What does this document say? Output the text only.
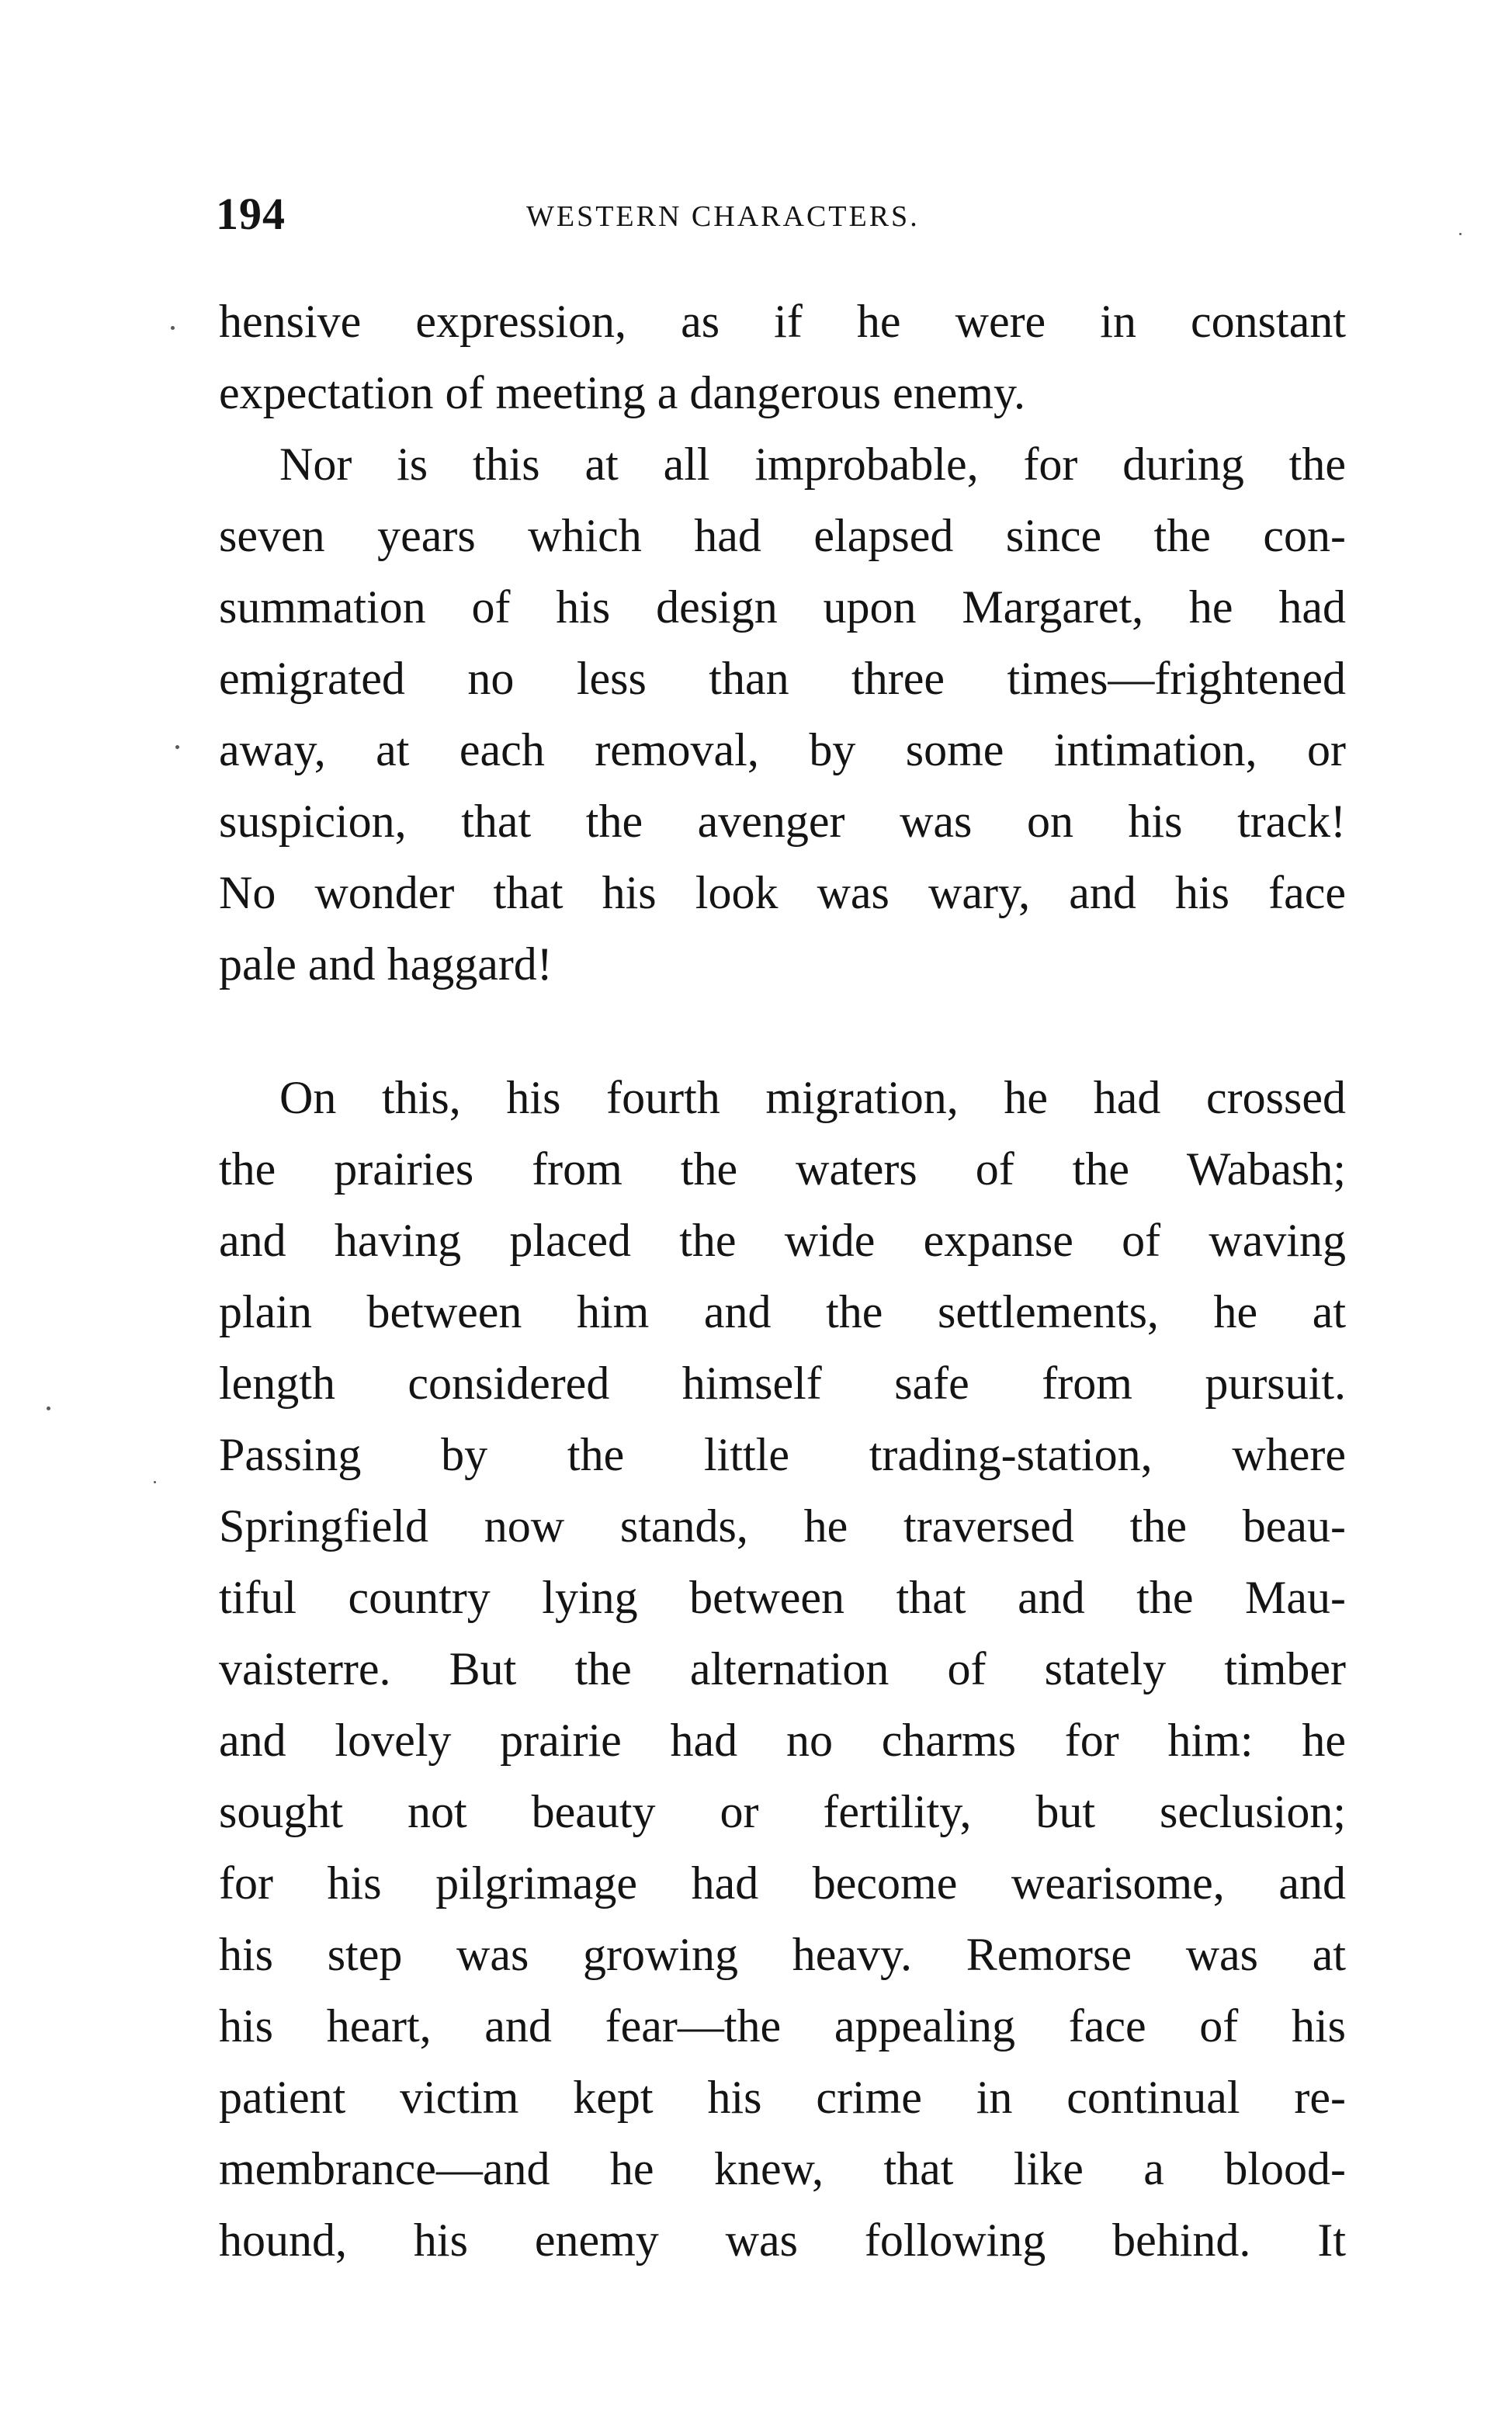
194	WESTERN CHARACTERS.
hensive expression, as if he were in constant
expectation of meeting a dangerous enemy.
Nor is this at all improbable, for during the
seven years which had elapsed since the con-
summation of his design upon Margaret, he had
emigrated no less than three times—frightened
away, at each removal, by some intimation, or
suspicion, that the avenger was on his track!
No wonder that his look was wary, and his face
pale and haggard!
On this, his fourth migration, he had crossed
the prairies from the waters of the Wabash;
and having placed the wide expanse of waving
plain between him and the settlements, he at
length considered himself safe from pursuit.
Passing by the little trading-station, where
Springfield now stands, he traversed the beau-
tiful country lying between that and the Mau-
vaisterre. But the alternation of stately timber
and lovely prairie had no charms for him: he
sought not beauty or fertility, but seclusion;
for his pilgrimage had become wearisome, and
his step was growing heavy. Remorse was at
his heart, and fear—the appealing face of his
patient victim kept his crime in continual re-
membrance—and he knew, that like a blood-
hound, his enemy was following behind. It
